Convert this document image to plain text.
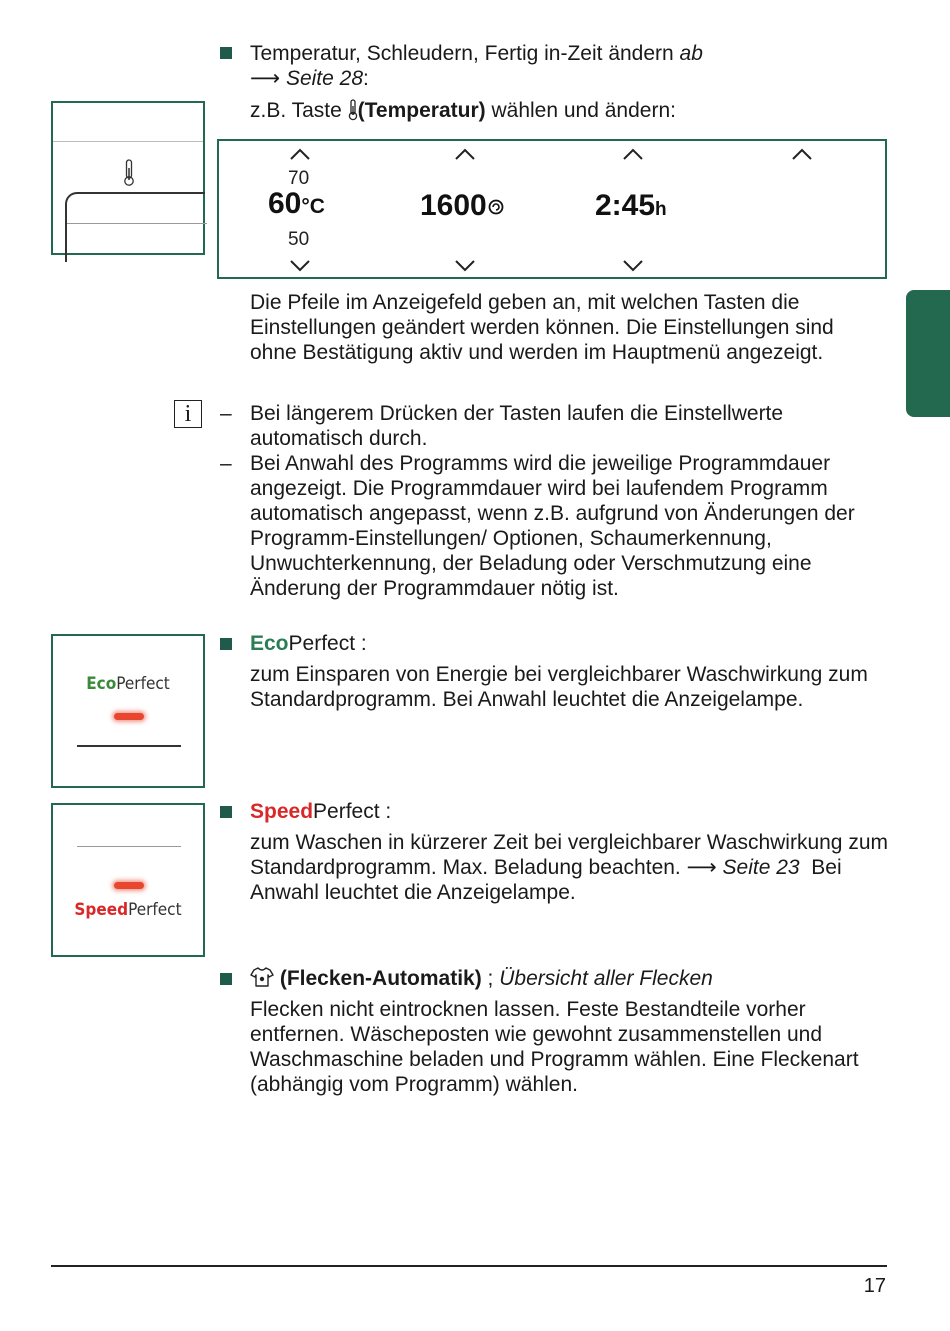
Temperatur, Schleudern, Fertig in-Zeit ändern ab
⟶ Seite 28:
z.B. Taste (Temperatur) wählen und ändern:
70
60°C
50
1600	2:45h
Die Pfeile im Anzeigefeld geben an, mit welchen Tasten die Einstellungen geändert werden können. Die Einstellungen sind ohne Bestätigung aktiv und werden im Hauptmenü angezeigt.
i	– Bei längerem Drücken der Tasten laufen die Einstellwerte automatisch durch.
– Bei Anwahl des Programms wird die jeweilige Programmdauer angezeigt. Die Programmdauer wird bei laufendem Programm automatisch angepasst, wenn z.B. aufgrund von Änderungen der Programm-Einstellungen/ Optionen, Schaumerkennung, Unwuchterkennung, der Beladung oder Verschmutzung eine Änderung der Programmdauer nötig ist.
EcoPerfect
EcoPerfect :
zum Einsparen von Energie bei vergleichbarer Waschwirkung zum Standardprogramm. Bei Anwahl leuchtet die Anzeigelampe.
SpeedPerfect
SpeedPerfect :
zum Waschen in kürzerer Zeit bei vergleichbarer Waschwirkung zum Standardprogramm. Max. Beladung beachten. ⟶ Seite 23  Bei Anwahl leuchtet die Anzeigelampe.
(Flecken-Automatik) ; Übersicht aller Flecken
Flecken nicht eintrocknen lassen. Feste Bestandteile vorher entfernen. Wäscheposten wie gewohnt zusammenstellen und Waschmaschine beladen und Programm wählen. Eine Fleckenart (abhängig vom Programm) wählen.
17
